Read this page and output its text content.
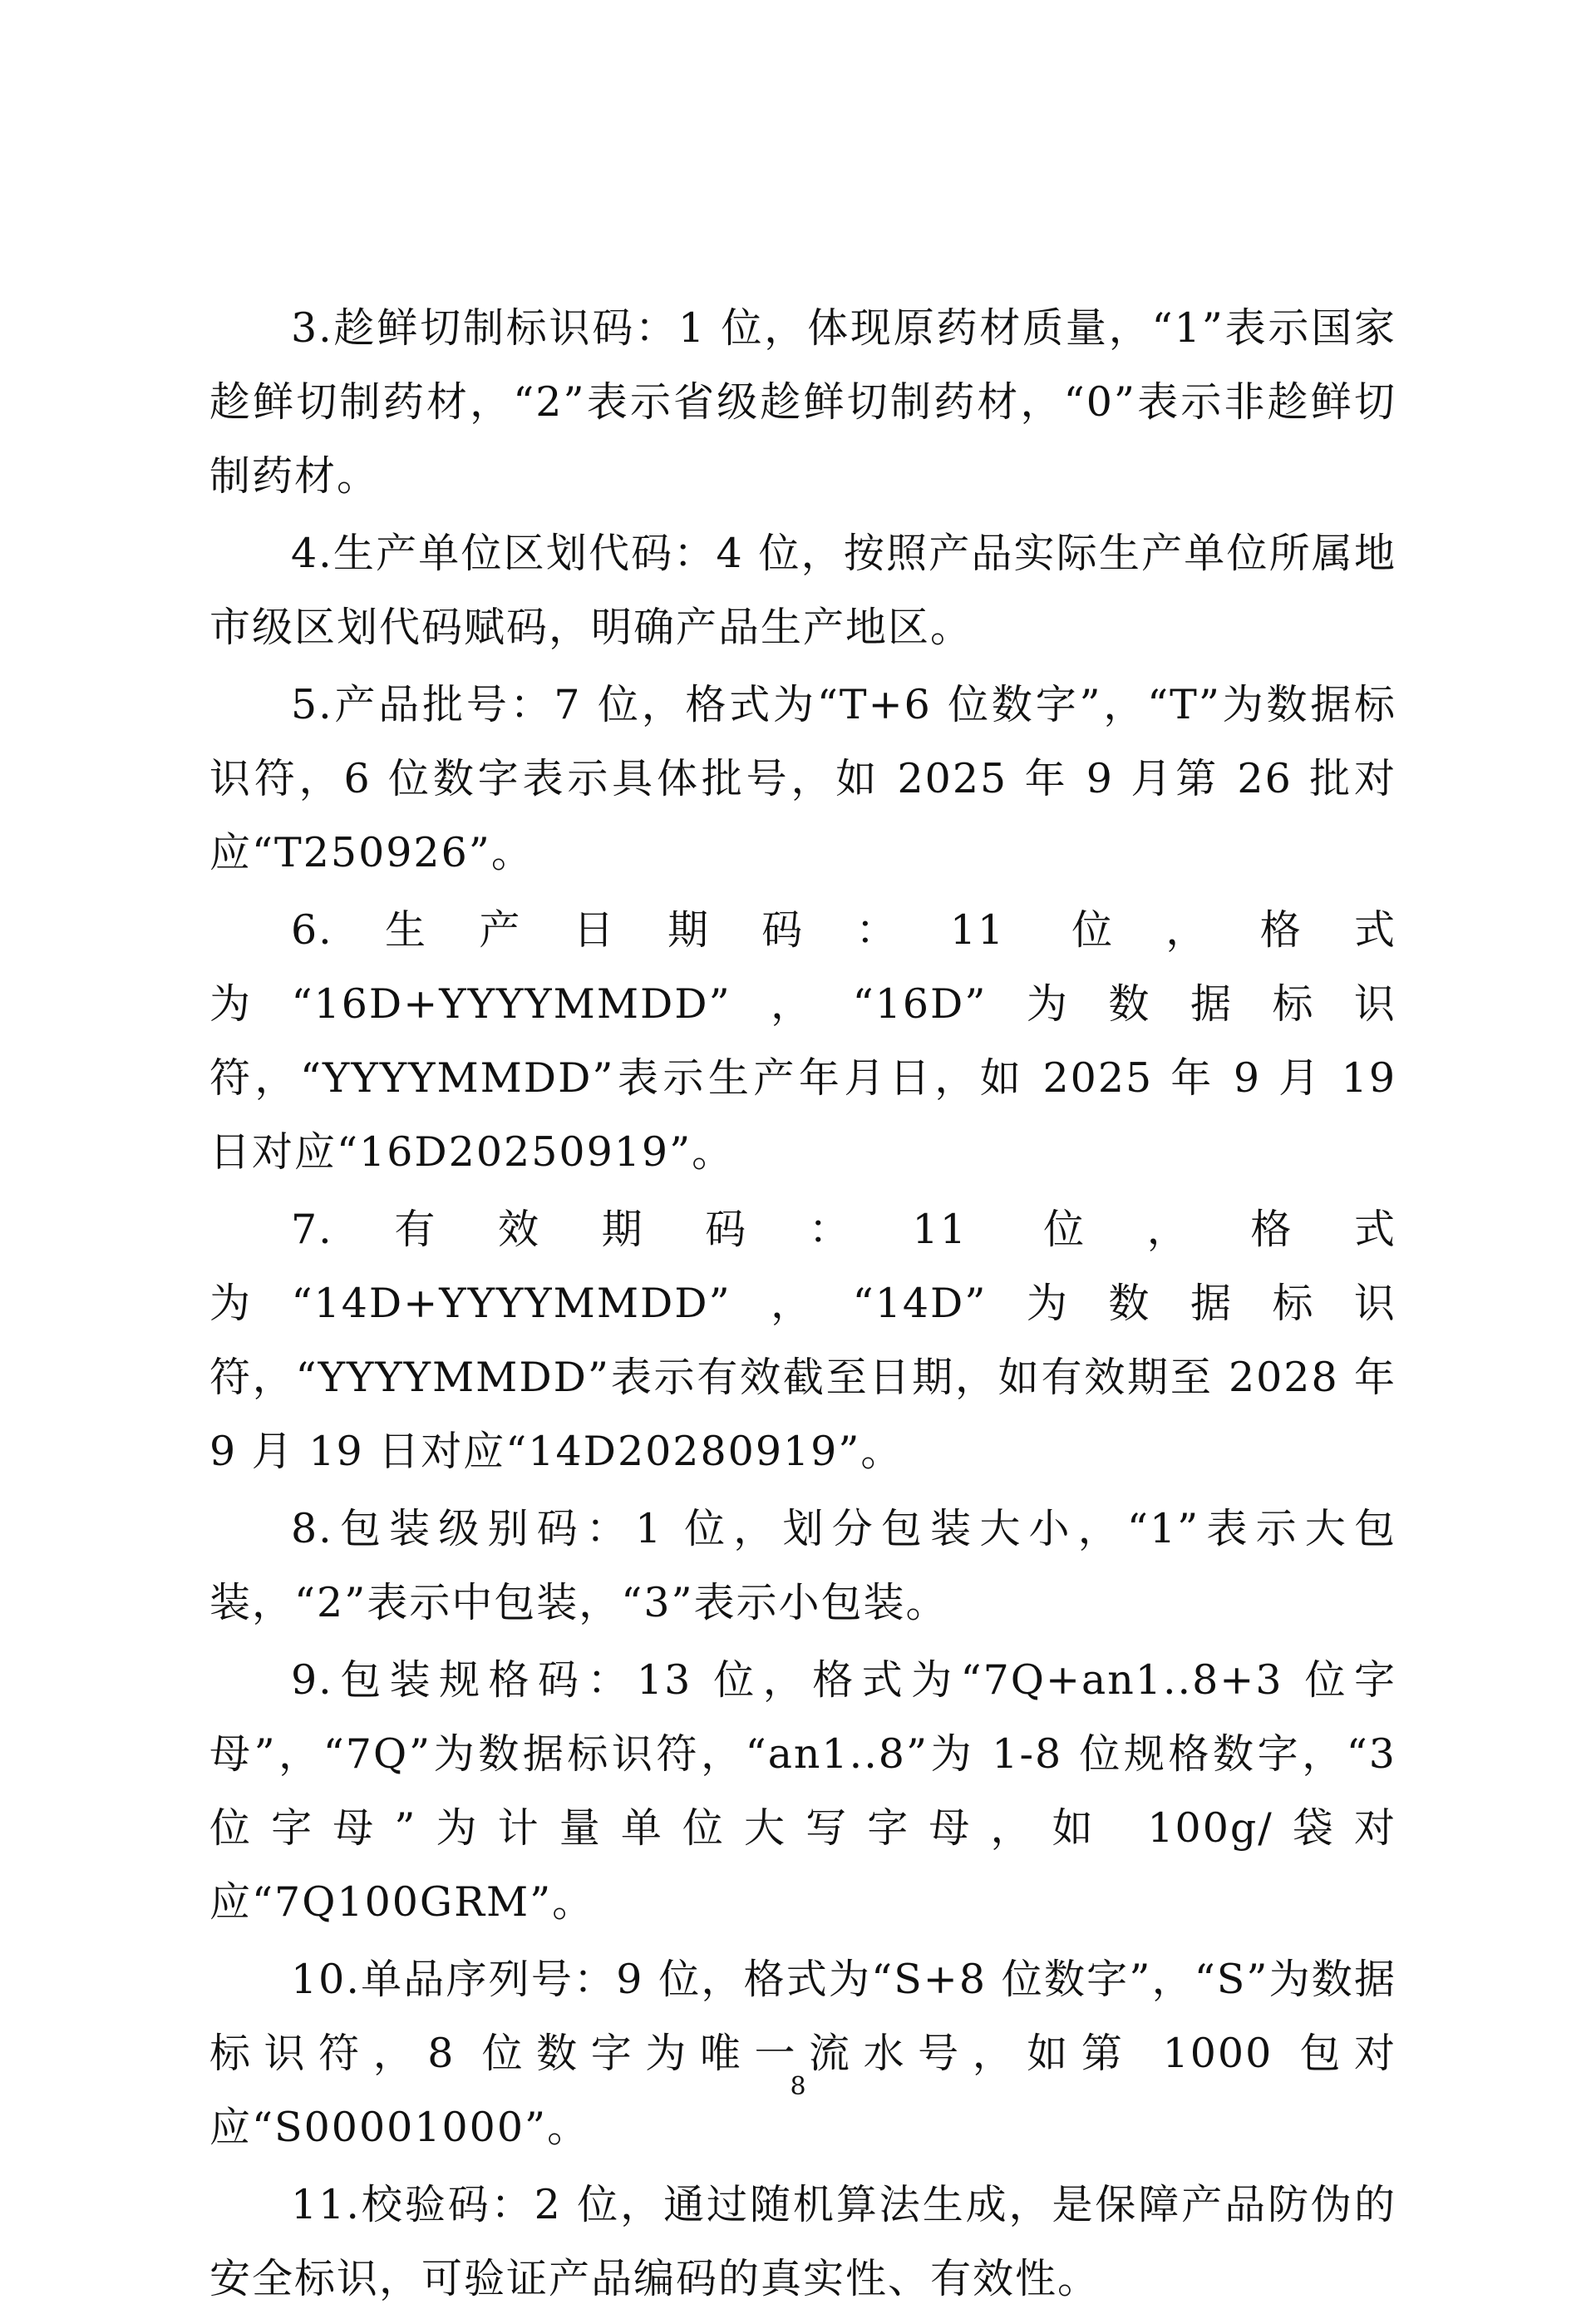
3.趁鲜切制标识码：1 位，体现原药材质量，“1”表示国家趁鲜切制药材，“2”表示省级趁鲜切制药材，“0”表示非趁鲜切制药材。

4.生产单位区划代码：4 位，按照产品实际生产单位所属地市级区划代码赋码，明确产品生产地区。

5.产品批号：7 位，格式为“T+6 位数字”，“T”为数据标识符，6 位数字表示具体批号，如 2025 年 9 月第 26 批对应“T250926”。

6.生产日期码：11 位，格式为“16D+YYYYMMDD”，“16D”为数据标识符，“YYYYMMDD”表示生产年月日，如 2025 年 9 月 19 日对应“16D20250919”。

7.有效期码：11 位，格式为“14D+YYYYMMDD”，“14D”为数据标识符，“YYYYMMDD”表示有效截至日期，如有效期至 2028 年 9 月 19 日对应“14D20280919”。

8.包装级别码：1 位，划分包装大小，“1”表示大包装，“2”表示中包装，“3”表示小包装。

9.包装规格码：13 位，格式为“7Q+an1..8+3 位字母”，“7Q”为数据标识符，“an1..8”为 1-8 位规格数字，“3 位字母”为计量单位大写字母，如 100g/袋对应“7Q100GRM”。

10.单品序列号：9 位，格式为“S+8 位数字”，“S”为数据标识符，8 位数字为唯一流水号，如第 1000 包对应“S00001000”。

11.校验码：2 位，通过随机算法生成，是保障产品防伪的安全标识，可验证产品编码的真实性、有效性。

8
